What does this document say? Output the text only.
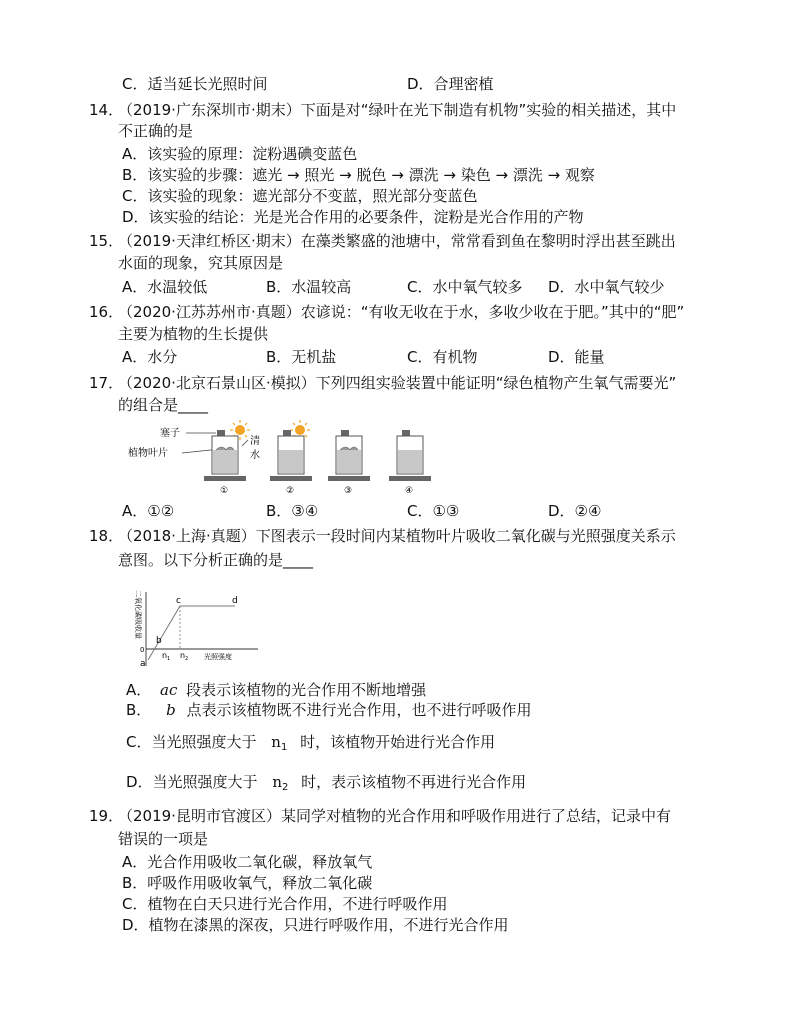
C．适当延长光照时间	D．合理密植
14．
（2019·广东深圳市·期末）下面是对“绿叶在光下制造有机物”实验的相关描述，其中
不正确的是
A．该实验的原理：淀粉遇碘变蓝色
B．该实验的步骤：遮光 → 照光 → 脱色 → 漂洗 → 染色 → 漂洗 → 观察
C．该实验的现象：遮光部分不变蓝，照光部分变蓝色
D．该实验的结论：光是光合作用的必要条件，淀粉是光合作用的产物
15．
（2019·天津红桥区·期末）在藻类繁盛的池塘中，常常看到鱼在黎明时浮出甚至跳出
水面的现象，究其原因是
A．水温较低	B．水温较高	C．水中氧气较多 D．水中氧气较少
16．
（2020·江苏苏州市·真题）农谚说：“有收无收在于水，多收少收在于肥。”其中的“肥”
主要为植物的生长提供
A．水分	B．无机盐	C．有机物	D．能量
17．
（2020·北京石景山区·模拟）下列四组实验装置中能证明“绿色植物产生氧气需要光”
的组合是____
塞子
植物叶片
清
水
①	②	③	④
A．①②	B．③④	C．①③	D．②④
18．
（2018·上海·真题）下图表示一段时间内某植物叶片吸收二氧化碳与光照强度关系示
意图。以下分析正确的是____
二氧化碳吸收量
0
a
b
c	d
n 1 n 2 光照强度
A． ac 段表示该植物的光合作用不断地增强
B． b 点表示该植物既不进行光合作用，也不进行呼吸作用
C．当光照强度大于 $n_1$ 时，该植物开始进行光合作用
D．当光照强度大于 $n_2$ 时，表示该植物不再进行光合作用
19．
（2019·昆明市官渡区）某同学对植物的光合作用和呼吸作用进行了总结，记录中有
错误的一项是
A．光合作用吸收二氧化碳，释放氧气
B．呼吸作用吸收氧气，释放二氧化碳
C．植物在白天只进行光合作用，不进行呼吸作用
D．植物在漆黑的深夜，只进行呼吸作用，不进行光合作用
